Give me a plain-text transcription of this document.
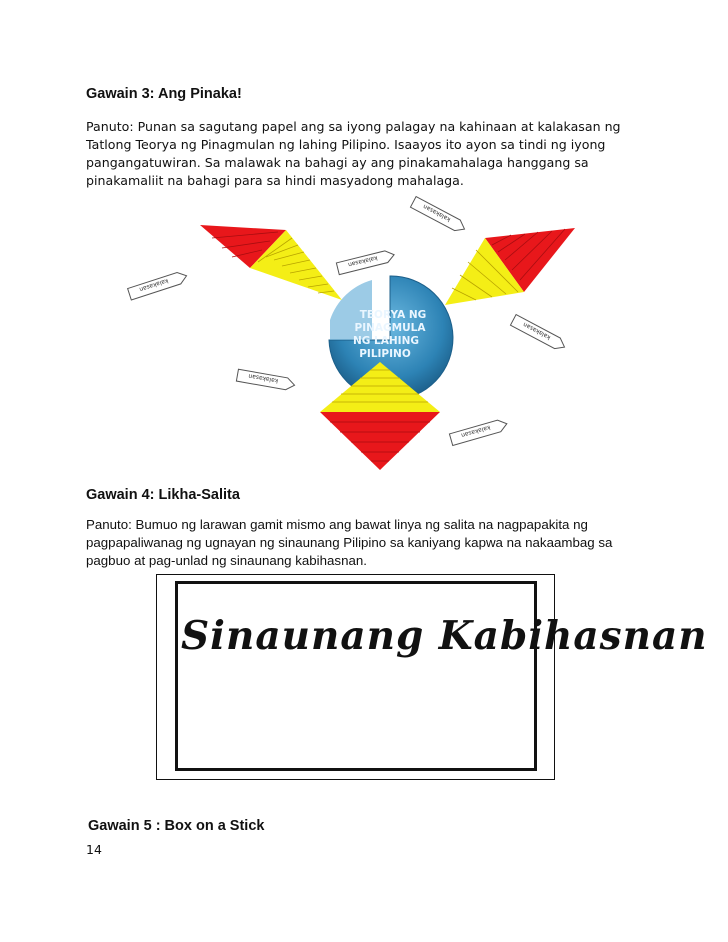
Gawain 3: Ang Pinaka!
Panuto: Punan sa sagutang papel ang sa iyong palagay na kahinaan at kalakasan ng Tatlong Teorya ng Pinagmulan ng lahing Pilipino. Isaayos ito ayon sa tindi ng iyong pangangatuwiran. Sa malawak na bahagi ay ang pinakamahalaga hanggang sa pinakamaliit na bahagi para sa hindi masyadong mahalaga.
TEORYA NG
PINAGMULA
NG LAHING
PILIPINO
kalakasan
kalakasan
kalakasan
kalakasan
kalakasan
kalakasan
Gawain 4: Likha-Salita
Panuto: Bumuo ng larawan gamit mismo ang bawat linya ng salita na nagpapakita ng pagpapaliwanag ng ugnayan ng sinaunang Pilipino sa kaniyang kapwa na nakaambag sa pagbuo at pag-unlad ng sinaunang kabihasnan.
Sinaunang Kabihasnan
Gawain 5 : Box on a Stick
14
